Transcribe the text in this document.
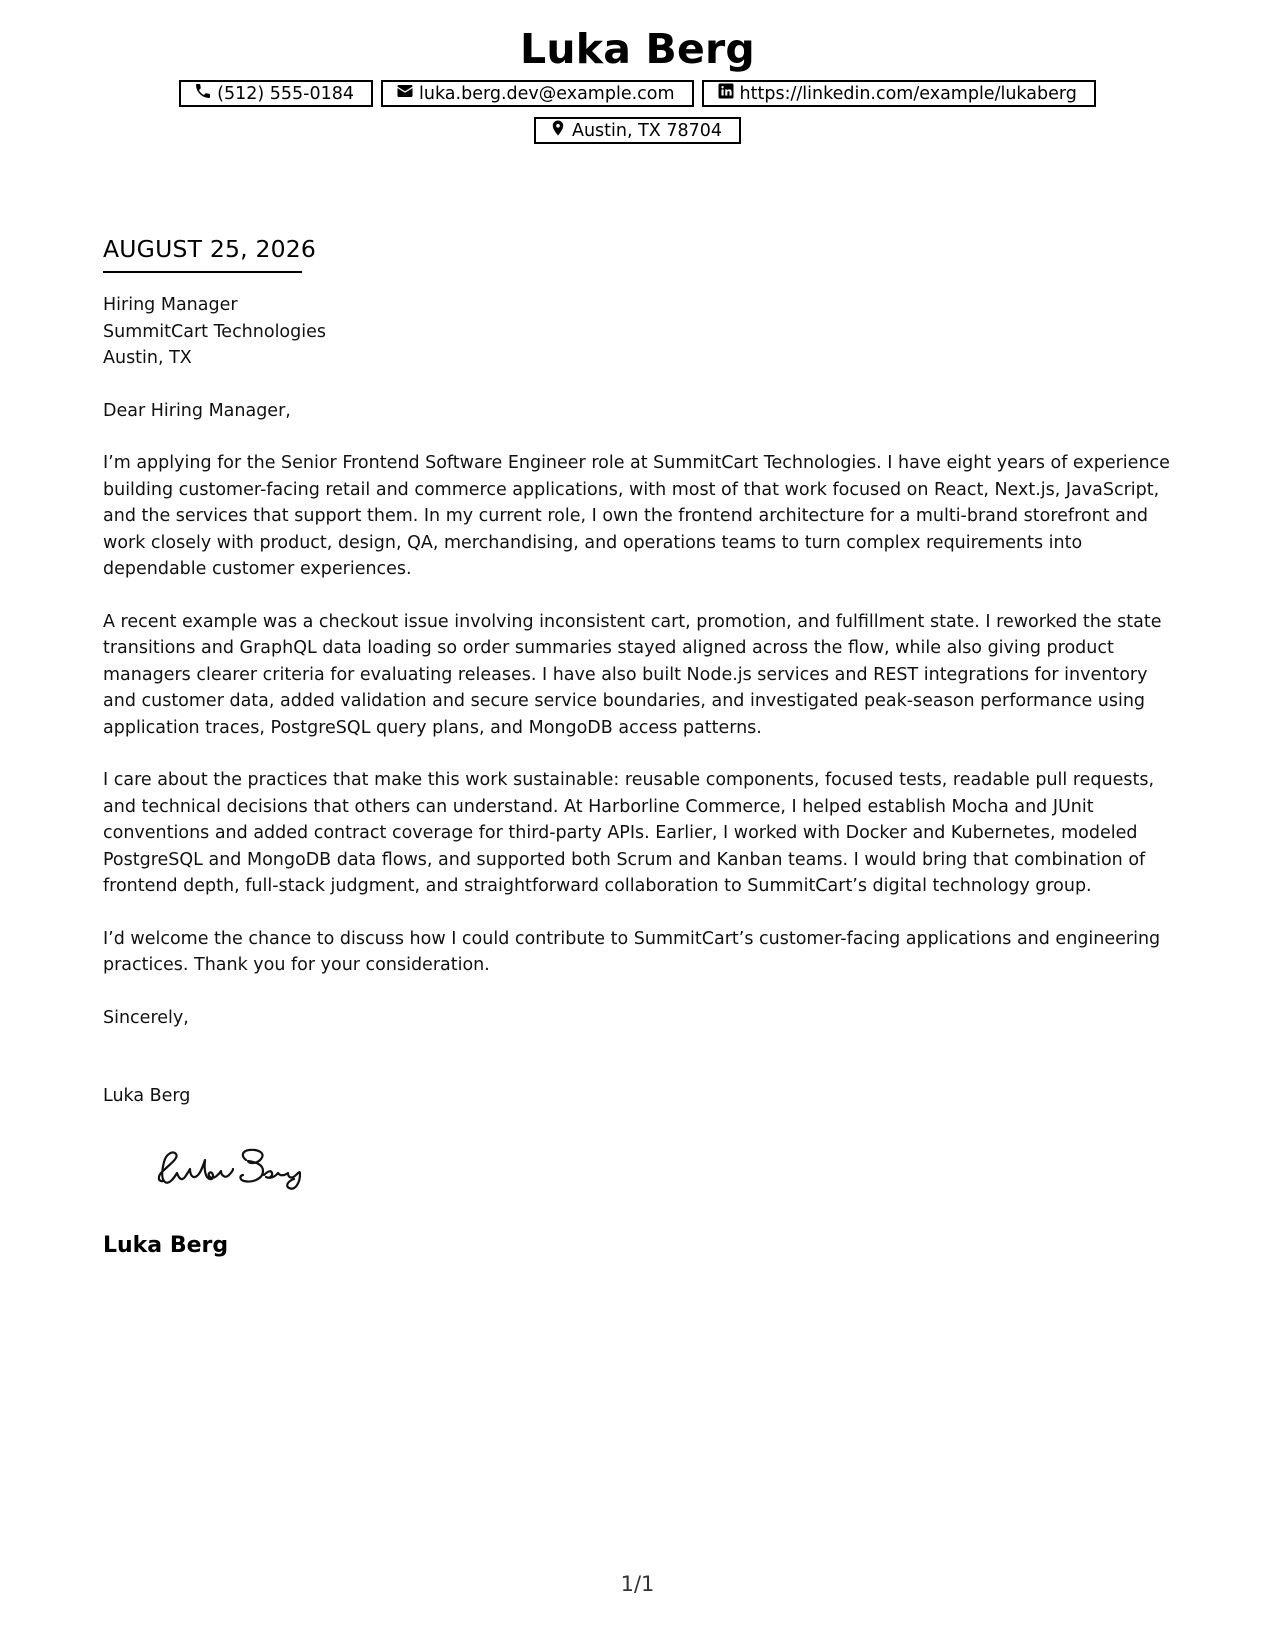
Luka Berg
(512) 555-0184	luka.berg.dev@example.com	https://linkedin.com/example/lukaberg
Austin, TX 78704
AUGUST 25, 2026
Hiring Manager
SummitCart Technologies
Austin, TX

Dear Hiring Manager,

I’m applying for the Senior Frontend Software Engineer role at SummitCart Technologies. I have eight years of experience building customer-facing retail and commerce applications, with most of that work focused on React, Next.js, JavaScript, and the services that support them. In my current role, I own the frontend architecture for a multi-brand storefront and work closely with product, design, QA, merchandising, and operations teams to turn complex requirements into dependable customer experiences.

A recent example was a checkout issue involving inconsistent cart, promotion, and fulfillment state. I reworked the state transitions and GraphQL data loading so order summaries stayed aligned across the flow, while also giving product managers clearer criteria for evaluating releases. I have also built Node.js services and REST integrations for inventory and customer data, added validation and secure service boundaries, and investigated peak-season performance using application traces, PostgreSQL query plans, and MongoDB access patterns.

I care about the practices that make this work sustainable: reusable components, focused tests, readable pull requests, and technical decisions that others can understand. At Harborline Commerce, I helped establish Mocha and JUnit conventions and added contract coverage for third-party APIs. Earlier, I worked with Docker and Kubernetes, modeled PostgreSQL and MongoDB data flows, and supported both Scrum and Kanban teams. I would bring that combination of frontend depth, full-stack judgment, and straightforward collaboration to SummitCart’s digital technology group.

I’d welcome the chance to discuss how I could contribute to SummitCart’s customer-facing applications and engineering practices. Thank you for your consideration.

Sincerely,

Luka Berg

Luka Berg
1/1
